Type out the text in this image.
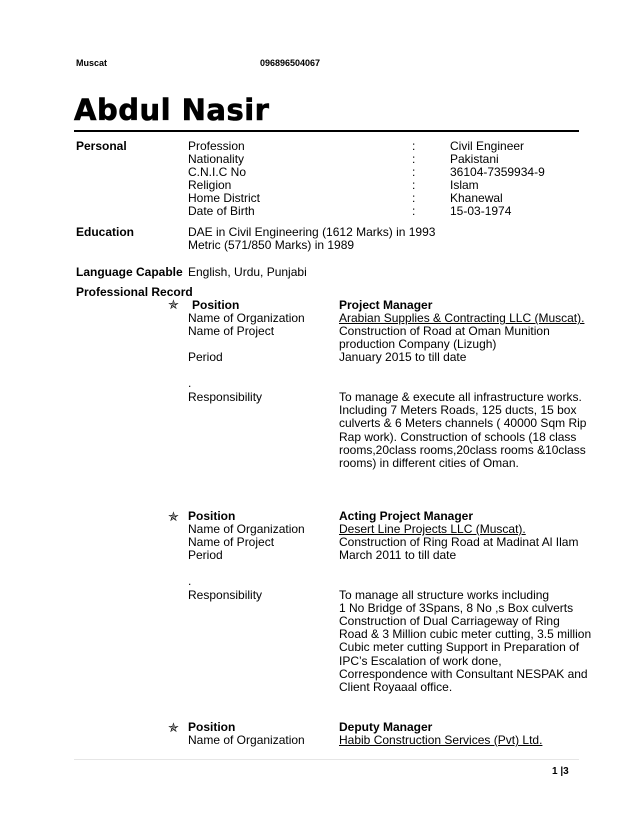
Muscat	096896504067
Abdul Nasir
Personal	Profession	:	Civil Engineer
Nationality	:	Pakistani
C.N.I.C No	:	36104-7359934-9
Religion	:	Islam
Home District	:	Khanewal
Date of Birth	:	15-03-1974
Education	DAE in Civil Engineering (1612 Marks) in 1993
Metric (571/850 Marks) in 1989
Language Capable English, Urdu, Punjabi
Professional Record
✯ Position	Project Manager
Name of Organization	Arabian Supplies & Contracting LLC (Muscat).
Name of Project	Construction of Road at Oman Munition
production Company (Lizugh)
Period	January 2015 to till date
.
Responsibility	To manage & execute all infrastructure works.
Including 7 Meters Roads, 125 ducts, 15 box
culverts & 6 Meters channels ( 40000 Sqm Rip
Rap work). Construction of schools (18 class
rooms,20class rooms,20class rooms &10class
rooms) in different cities of Oman.
✯ Position	Acting Project Manager
Name of Organization	Desert Line Projects LLC (Muscat).
Name of Project	Construction of Ring Road at Madinat Al Ilam
Period	March 2011 to till date
.
Responsibility	To manage all structure works including
1 No Bridge of 3Spans, 8 No ,s Box culverts
Construction of Dual Carriageway of Ring
Road & 3 Million cubic meter cutting, 3.5 million
Cubic meter cutting Support in Preparation of
IPC’s Escalation of work done,
Correspondence with Consultant NESPAK and
Client Royaaal office.
✯ Position	Deputy Manager
Name of Organization	Habib Construction Services (Pvt) Ltd.
1 |3
